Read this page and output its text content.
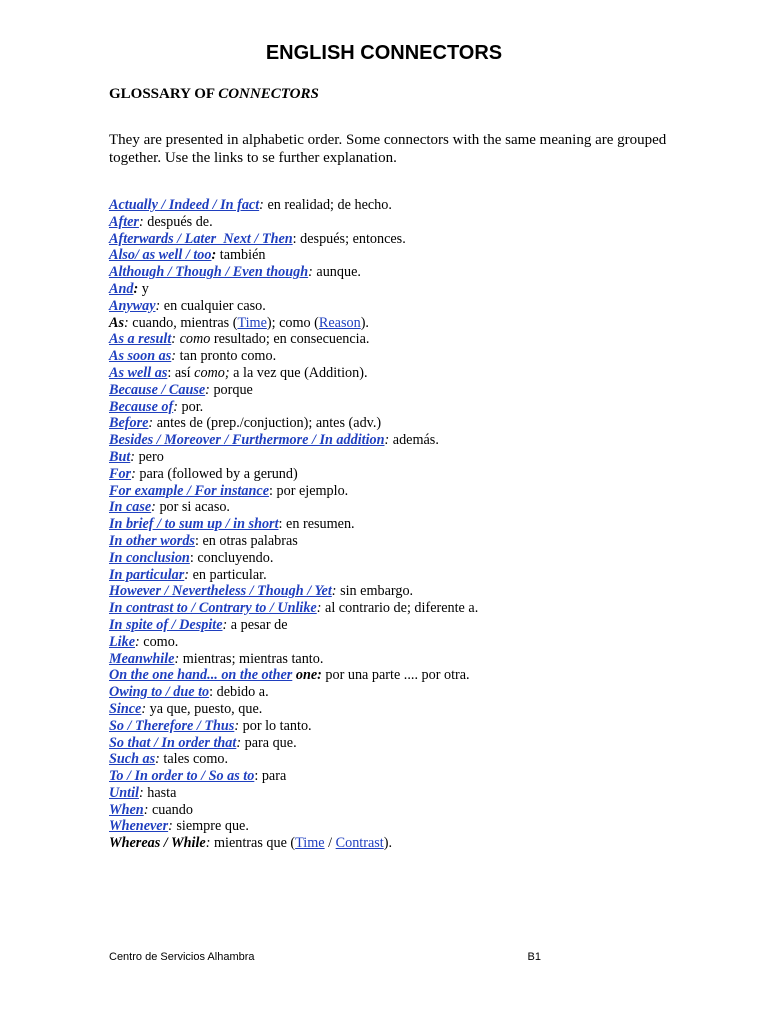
ENGLISH CONNECTORS
GLOSSARY OF CONNECTORS
They are presented in alphabetic order. Some connectors with the same meaning are grouped together. Use the links to se further explanation.
Actually / Indeed / In fact: en realidad; de hecho.
After: después de.
Afterwards / Later  Next / Then: después; entonces.
Also/ as well / too: también
Although / Though / Even though: aunque.
And: y
Anyway: en cualquier caso.
As: cuando, mientras (Time); como (Reason).
As a result: como resultado; en consecuencia.
As soon as: tan pronto como.
As well as: así como; a la vez que (Addition).
Because / Cause: porque
Because of: por.
Before: antes de (prep./conjuction); antes (adv.)
Besides / Moreover / Furthermore / In addition: además.
But: pero
For: para (followed by a gerund)
For example / For instance: por ejemplo.
In case: por si acaso.
In brief / to sum up / in short: en resumen.
In other words: en otras palabras
In conclusion: concluyendo.
In particular: en particular.
However / Nevertheless / Though / Yet: sin embargo.
In contrast to / Contrary to / Unlike: al contrario de; diferente a.
In spite of / Despite: a pesar de
Like: como.
Meanwhile: mientras; mientras tanto.
On the one hand... on the other one: por una parte .... por otra.
Owing to / due to: debido a.
Since: ya que, puesto, que.
So / Therefore / Thus: por lo tanto.
So that / In order that: para que.
Such as: tales como.
To / In order to / So as to: para
Until: hasta
When: cuando
Whenever: siempre que.
Whereas / While: mientras que (Time / Contrast).
Centro de Servicios Alhambra	B1
